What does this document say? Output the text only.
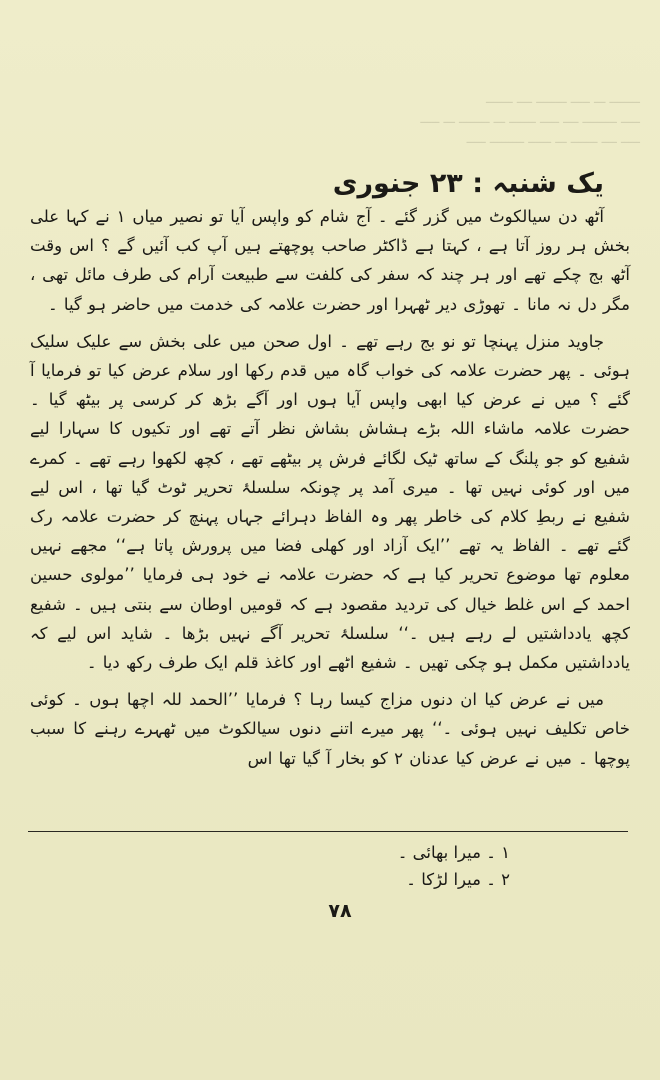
ــــــــ ـــ ـــــ ــــــــ ــــ ـــــــ
ـــــ ـــــــــ ــــ ـــــ ـــــــ ـــ ــــــــ ـــ ـــــ
ـــــ ــــ ـــــــ ـــ ــــــ ـــــــــ ـــــ
یک شنبہ : ۲۳ جنوری

آٹھ دن سیالکوٹ میں گزر گئے ۔ آج شام کو واپس آیا تو نصیر میاں ۱ نے کہا علی بخش ہر روز آتا ہے ، کہتا ہے ڈاکٹر صاحب پوچھتے ہیں آپ کب آئیں گے ؟ اس وقت آٹھ بج چکے تھے اور ہر چند کہ سفر کی کلفت سے طبیعت آرام کی طرف مائل تھی ، مگر دل نہ مانا ۔ تھوڑی دیر ٹھہرا اور حضرت علامہ کی خدمت میں حاضر ہو گیا ۔

جاوید منزل پہنچا تو نو بج رہے تھے ۔ اول صحن میں علی بخش سے علیک سلیک ہوئی ۔ پھر حضرت علامہ کی خواب گاہ میں قدم رکھا اور سلام عرض کیا تو فرمایا آ گئے ؟ میں نے عرض کیا ابھی واپس آیا ہوں اور آگے بڑھ کر کرسی پر بیٹھ گیا ۔ حضرت علامہ ماشاء اللہ بڑے ہشاش بشاش نظر آتے تھے اور تکیوں کا سہارا لیے شفیع کو جو پلنگ کے ساتھ ٹیک لگائے فرش پر بیٹھے تھے ، کچھ لکھوا رہے تھے ۔ کمرے میں اور کوئی نہیں تھا ۔ میری آمد پر چونکہ سلسلۂ تحریر ٹوٹ گیا تھا ، اس لیے شفیع نے ربطِ کلام کی خاطر پھر وہ الفاظ دہرائے جہاں پہنچ کر حضرت علامہ رک گئے تھے ۔ الفاظ یہ تھے ’’ایک آزاد اور کھلی فضا میں پرورش پاتا ہے‘‘ مجھے نہیں معلوم تھا موضوع تحریر کیا ہے کہ حضرت علامہ نے خود ہی فرمایا ’’مولوی حسین احمد کے اس غلط خیال کی تردید مقصود ہے کہ قومیں اوطان سے بنتی ہیں ۔ شفیع کچھ یادداشتیں لے رہے ہیں ۔‘‘ سلسلۂ تحریر آگے نہیں بڑھا ۔ شاید اس لیے کہ یادداشتیں مکمل ہو چکی تھیں ۔ شفیع اٹھے اور کاغذ قلم ایک طرف رکھ دیا ۔

میں نے عرض کیا ان دنوں مزاج کیسا رہا ؟ فرمایا ’’الحمد للہ اچھا ہوں ۔ کوئی خاص تکلیف نہیں ہوئی ۔‘‘ پھر میرے اتنے دنوں سیالکوٹ میں ٹھہرے رہنے کا سبب پوچھا ۔ میں نے عرض کیا عدنان ۲ کو بخار آ گیا تھا اس

۱ ۔ میرا بھائی ۔
۲ ۔ میرا لڑکا ۔
۷۸
